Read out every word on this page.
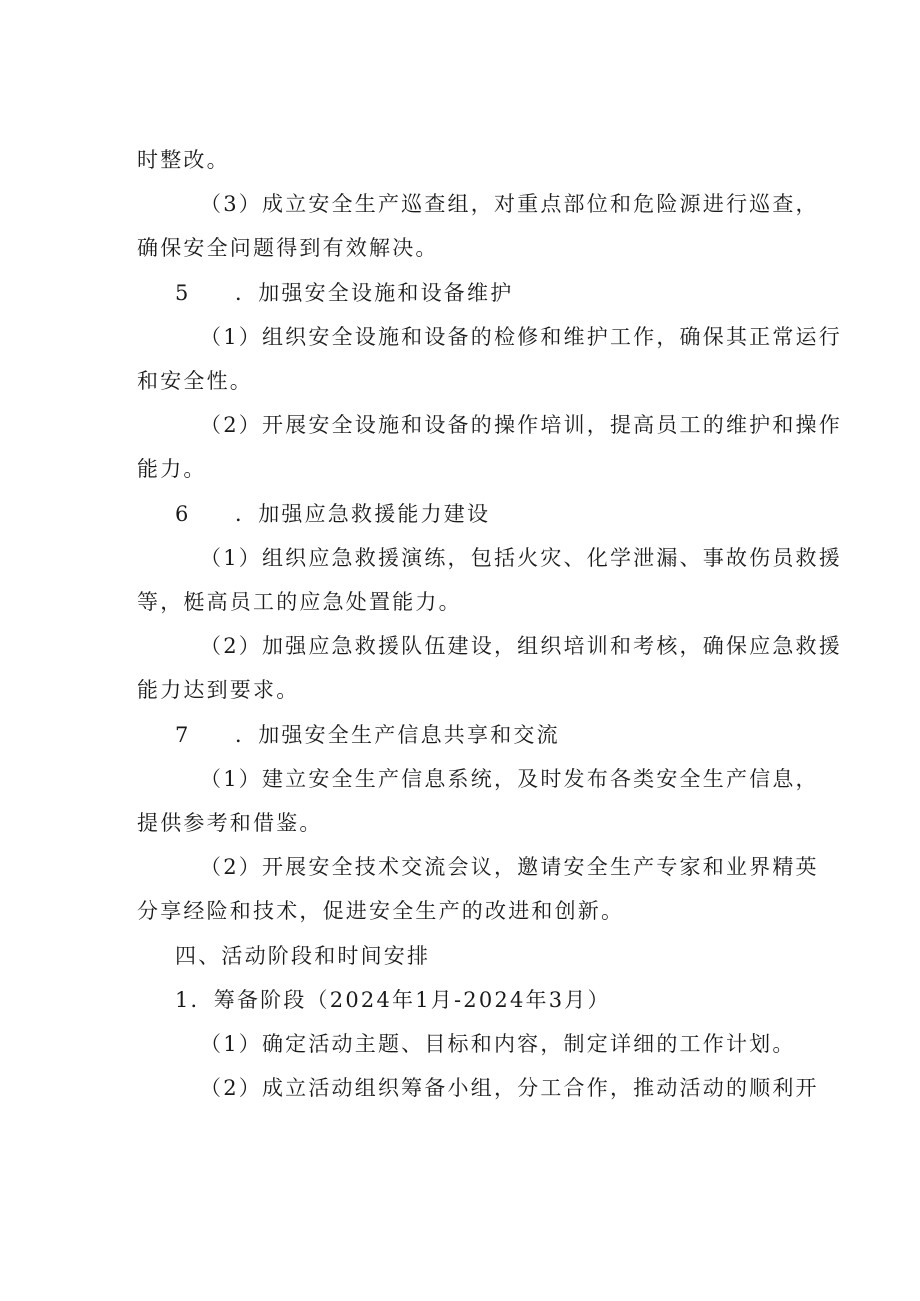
时整改。
（3）成立安全生产巡查组，对重点部位和危险源进行巡查，
确保安全问题得到有效解决。
5 ．加强安全设施和设备维护
（1）组织安全设施和设备的检修和维护工作，确保其正常运行
和安全性。
（2）开展安全设施和设备的操作培训，提高员工的维护和操作
能力。
6 ．加强应急救援能力建设
（1）组织应急救援演练，包括火灾、化学泄漏、事故伤员救援
等，梃高员工的应急处置能力。
（2）加强应急救援队伍建设，组织培训和考核，确保应急救援
能力达到要求。
7 ．加强安全生产信息共享和交流
（1）建立安全生产信息系统，及时发布各类安全生产信息，
提供参考和借鉴。
（2）开展安全技术交流会议，邀请安全生产专家和业界精英
分享经险和技术，促进安全生产的改进和创新。
四、活动阶段和时间安排
1．筹备阶段（2024年1月-2024年3月）
（1）确定活动主题、目标和内容，制定详细的工作计划。
（2）成立活动组织筹备小组，分工合作，推动活动的顺利开
